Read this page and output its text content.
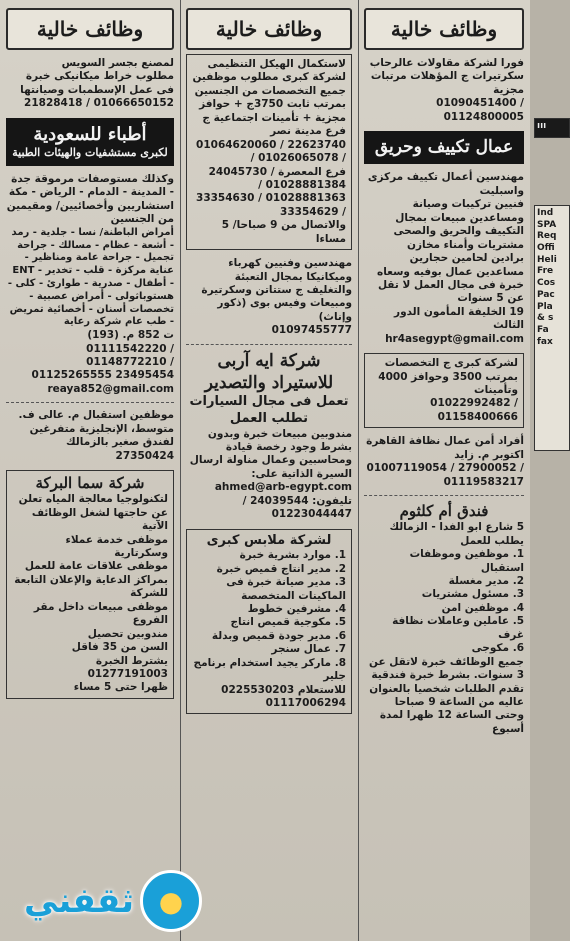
وظائف خالية
لمصنع بجسر السويس
مطلوب خراط ميكانيكى خبرة فى عمل الإسطمبات وصيانتها
21828418 / 01066650152
أطباء للسعودية
لكبرى مستشفيات والهيئات الطبية
وكذلك مستوصفات مرموقة جدة - المدينة - الدمام - الرياض - مكة
استشاريين وأخصائيين/ ومقيمين من الجنسين
أمراض الباطنة/ نسا - جلدية - رمد - أشعة - عظام - مسالك - جراحة تجميل - جراحة عامة ومناظير - عناية مركزة - قلب - تخدير - ENT - أطفال - صدرية - طوارئ - كلى - هستوباثولى - أمراض عصبية - تخصصات أسنان - أخصائية تمريض - طب عام شركة رعاية
ت 852 م. (193)
01111542220 / 01148772210 / 01125265555 23495454
reaya852@gmail.com
موظفين استقبال م. عالى ف. متوسط، الإنجليزية متفرغين لفندق صغير بالزمالك
27350424
شركة سما البركة
لتكنولوجيا معالجة المياه تعلن عن حاجتها لشغل الوظائف الآتية
موظفى خدمة عملاء وسكرتارية
موظفى علاقات عامة للعمل بمراكز الدعاية والإعلان التابعة للشركة
موظفى مبيعات داخل مقر الفروع
مندوبين تحصيل
السن من 35 فاقل
يشترط الخبرة 01277191003
ظهرا حتى 5 مساء
وظائف خالية
لاستكمال الهيكل التنظيمى
لشركة كبرى مطلوب موظفين جميع التخصصات من الجنسين بمرتب ثابت 3750ج + حوافز مجزية + تأمينات اجتماعية ج فرع مدينة نصر
01064620060 / 22623740 / 01026065078 / 24045730 فرع المعصرة / 01028881384 / 01028881363 / 33354630 / 33354629
والاتصال من 9 صباحا/ 5 مساءا
مهندسين وفنيين كهرباء وميكانيكا بمجال التعبئة والتغليف ج ستتاتن وسكرتيرة ومبيعات وفيس بوى (ذكور وإناث)
01097455777
شركة ايه آربى للاستيراد والتصدير
تعمل فى مجال السيارات تطلب العمل
مندوبين مبيعات خبرة وبدون بشرط وجود رخصة قيادة ومحاسبين وعمال مناولة ارسال السيرة الذاتية على:
ahmed@arb-egypt.com
تليفون: 24039544 / 01223044447
لشركة ملابس كبرى
1. موارد بشرية خبرة
2. مدير انتاج قميص خبرة
3. مدير صيانة خبرة فى الماكينات المتخصصة
4. مشرفين خطوط
5. مكوجية قميص انتاج
6. مدير جودة قميص وبدلة
7. عمال سنجر
8. ماركر يجيد استخدام برنامج جلير
للاستعلام 0225530203
01117006294
وظائف خالية
فورا لشركة مقاولات عالرحاب سكرتيرات ج المؤهلات مرتبات مجزية
01090451400 / 01124800005
عمال تكييف وحريق
مهندسين أعمال تكييف مركزى واسبليت
فنيين تركيبات وصيانة ومساعدين مبيعات بمجال التكييف والحريق والصحى
مشتريات وأمناء مخازن
برادين لحامين حجارين مساعدين عمال بوفيه وسعاه
خبرة فى مجال العمل لا تقل عن 5 سنوات
19 الخليفة المأمون الدور الثالث
hr4asegypt@gmail.com
لشركة كبرى ج التخصصات بمرتب 3500 وحوافز 4000 وتأمينات
01022992482 / 01158400666
أفراد أمن عمال نظافة القاهرة اكتوبر م. زايد
01007119054 / 27900052 / 01119583217
فندق أم كلثوم
5 شارع ابو الفدا - الزمالك يطلب للعمل
1. موظفين وموظفات استقبال
2. مدير مغسلة
3. مسئول مشتريات
4. موظفين امن
5. عاملين وعاملات نظافة غرف
6. مكوجى
جميع الوظائف خبرة لاتقل عن 3 سنوات. بشرط خبرة فندقية
تقدم الطلبات شخصيا بالعنوان عاليه من الساعة 9 صباحا وحتى الساعة 12 ظهرا لمدة أسبوع
ווו
Ind
SPA
Req
Offi
Heli
Fre
Cos
Pac
Pla
& s
Fa
fax
●
ثقفني
